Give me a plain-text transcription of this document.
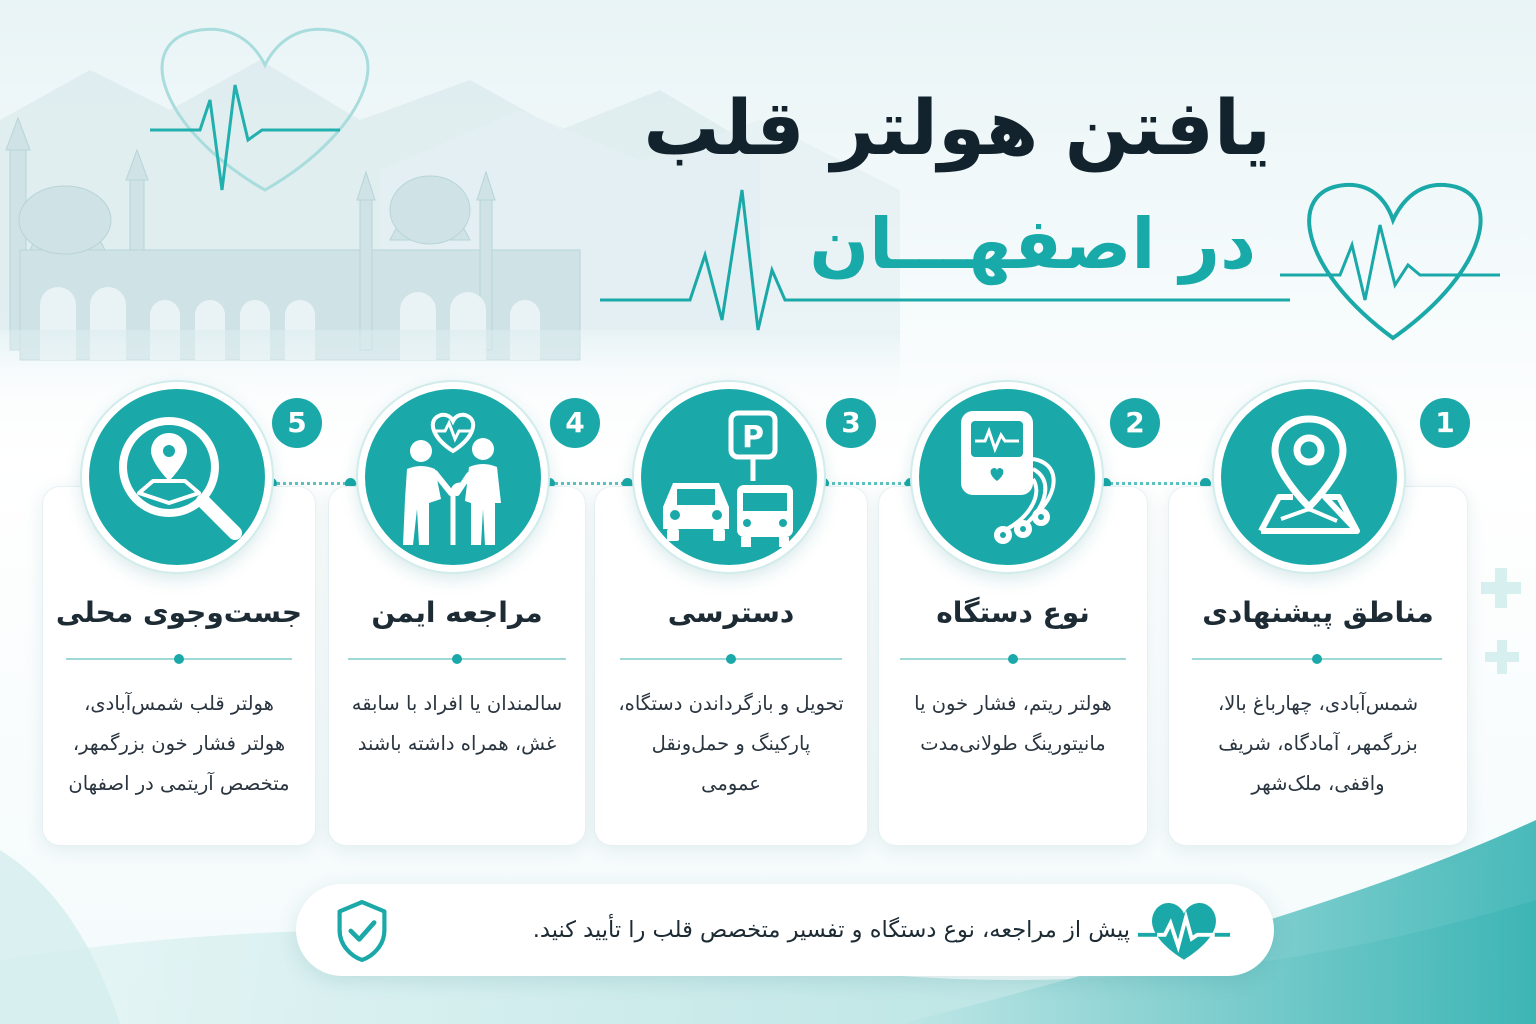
یافتن هولتر قلب
در اصفهـــان
1
مناطق پیشنهادی
شمس‌آبادی، چهارباغ بالا،
بزرگمهر، آمادگاه، شریف
واقفی، ملک‌شهر
2
نوع دستگاه
هولتر ریتم، فشار خون یا
مانیتورینگ طولانی‌مدت
P	3
دسترسی
تحویل و بازگرداندن دستگاه،
پارکینگ و حمل‌ونقل
عمومی
4
مراجعه ایمن
سالمندان یا افراد با سابقه
غش، همراه داشته باشند
5
جست‌وجوی محلی
هولتر قلب شمس‌آبادی،
هولتر فشار خون بزرگمهر،
متخصص آریتمی در اصفهان
پیش از مراجعه، نوع دستگاه و تفسیر متخصص قلب را تأیید کنید.
